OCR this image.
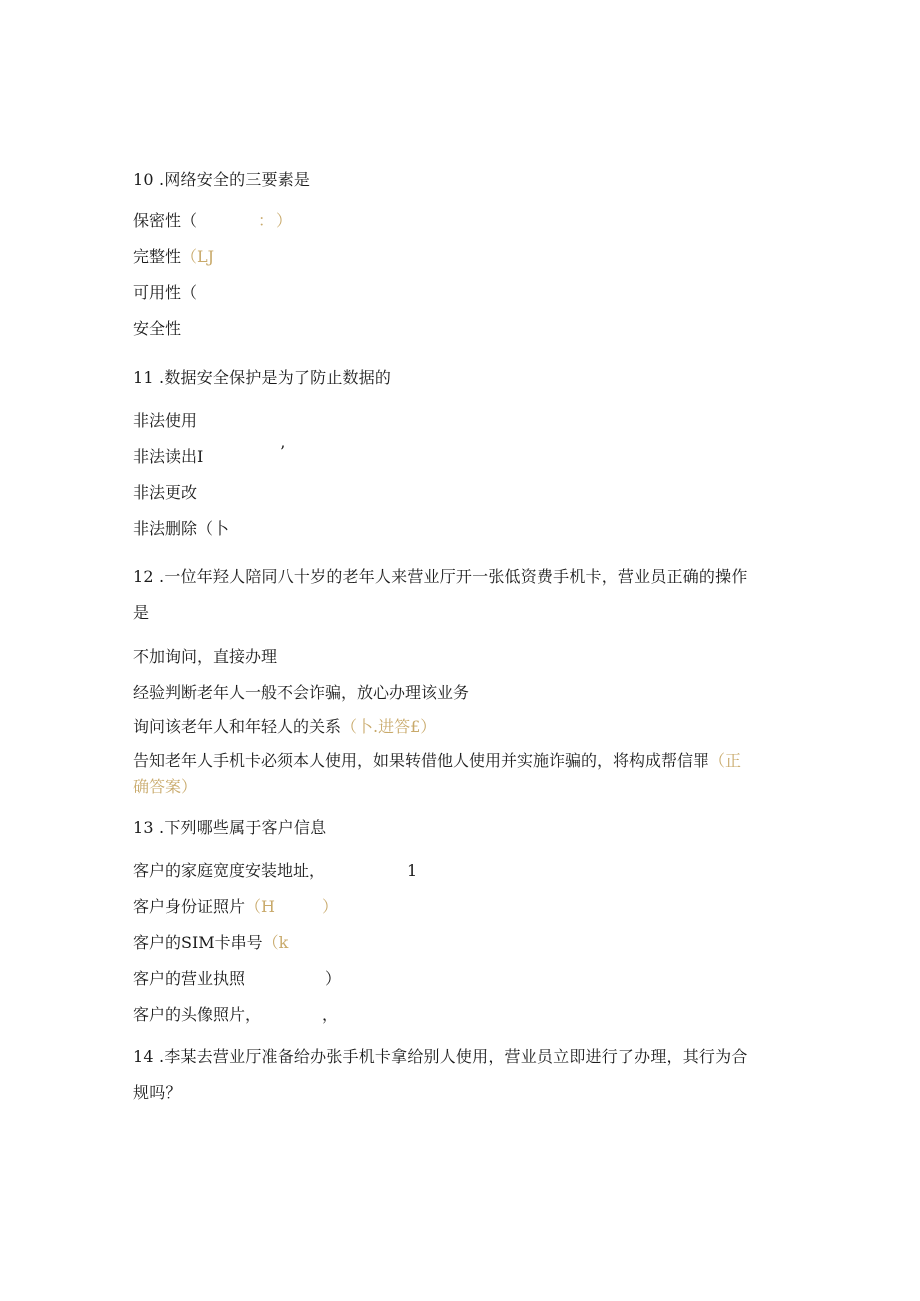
10 .网络安全的三要素是
保密性（	： ）
完整性（LJ
可用性（
安全性
11 .数据安全保护是为了防止数据的
非法使用
非法读出I	’
非法更改
非法删除（卜
12 .一位年羟人陪同八十岁的老年人来营业厅开一张低资费手机卡，营业员正确的操作
是
不加询问，直接办理
经验判断老年人一般不会诈骗，放心办理该业务
询问该老年人和年轻人的关系（卜.进答£）
告知老年人手机卡必须本人使用，如果转借他人使用并实施诈骗的，将构成帮信罪（正
确答案）
13 .下列哪些属于客户信息
客户的家庭宽度安装地址，	1
客户身份证照片（H	）
客户的SIM卡串号（k
客户的营业执照	）
客户的头像照片，	，
14 .李某去营业厅准备给办张手机卡拿给别人使用，营业员立即进行了办理，其行为合
规吗？
